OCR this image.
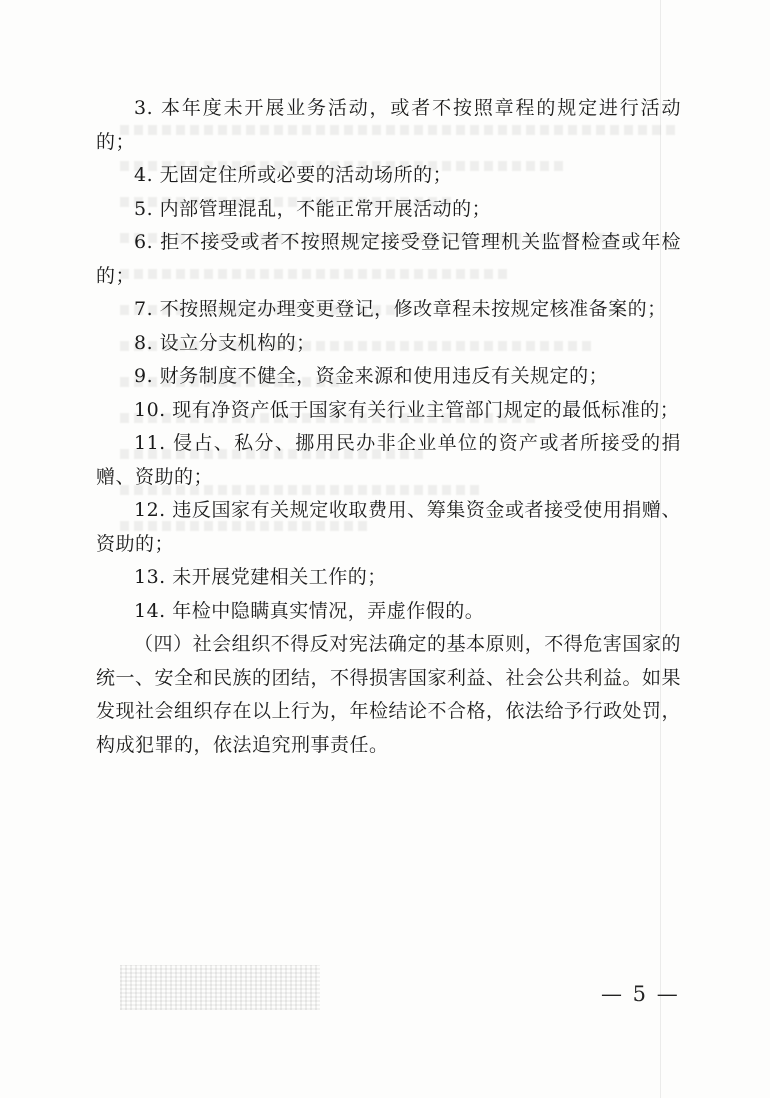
3. 本年度未开展业务活动，或者不按照章程的规定进行活动的；

4. 无固定住所或必要的活动场所的；

5. 内部管理混乱，不能正常开展活动的；

6. 拒不接受或者不按照规定接受登记管理机关监督检查或年检的；

7. 不按照规定办理变更登记，修改章程未按规定核准备案的；

8. 设立分支机构的；

9. 财务制度不健全，资金来源和使用违反有关规定的；

10. 现有净资产低于国家有关行业主管部门规定的最低标准的；

11. 侵占、私分、挪用民办非企业单位的资产或者所接受的捐赠、资助的；

12. 违反国家有关规定收取费用、筹集资金或者接受使用捐赠、资助的；

13. 未开展党建相关工作的；

14. 年检中隐瞒真实情况，弄虚作假的。

（四）社会组织不得反对宪法确定的基本原则，不得危害国家的统一、安全和民族的团结，不得损害国家利益、社会公共利益。如果发现社会组织存在以上行为，年检结论不合格，依法给予行政处罚，构成犯罪的，依法追究刑事责任。

— 5 —
